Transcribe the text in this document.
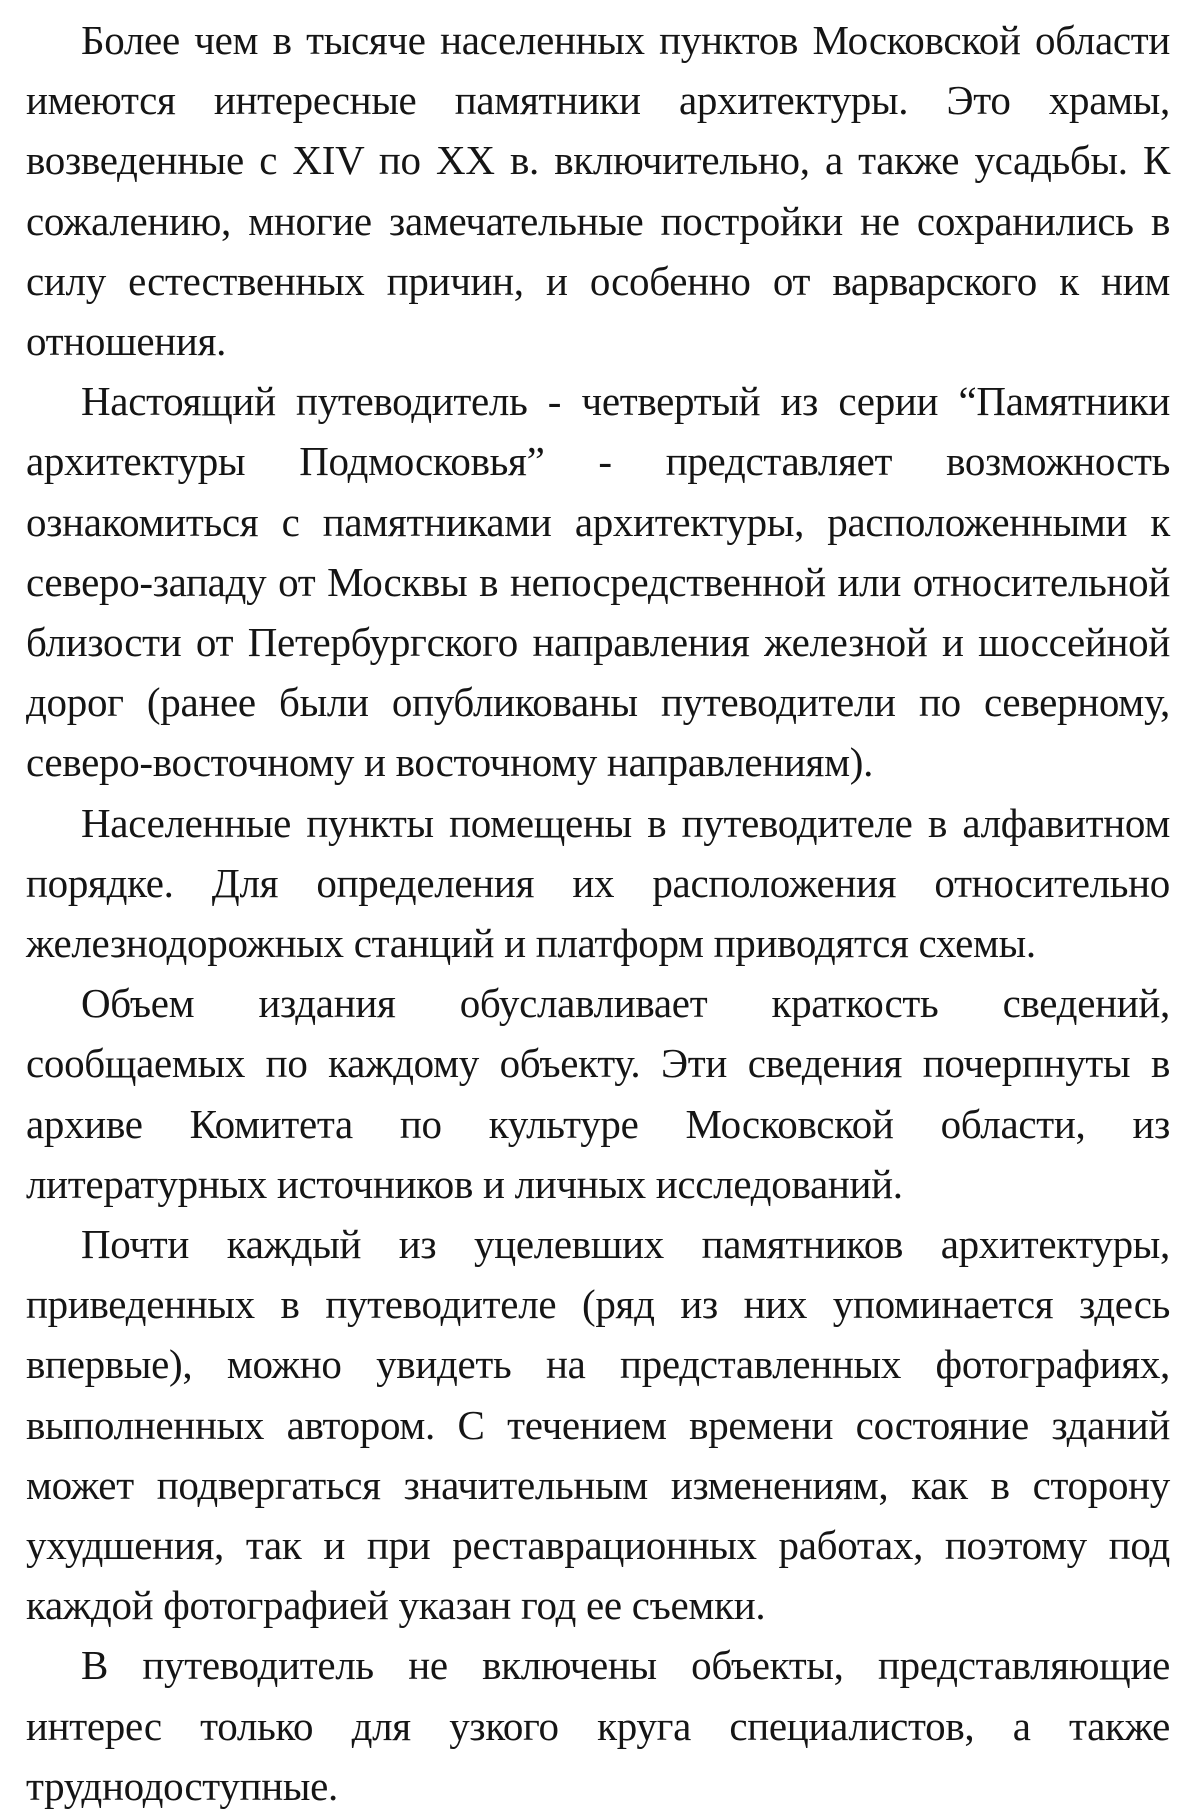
Более чем в тысяче населенных пунктов Московской области имеются интересные памятники архитектуры. Это храмы, возведенные с XIV по XX в. включительно, а также усадьбы. К сожалению, многие замечательные постройки не сохранились в силу естественных причин, и особенно от варварского к ним отношения.

Настоящий путеводитель - четвертый из серии “Памятники архитектуры Подмосковья” - представляет возможность ознакомиться с памятниками архитектуры, расположенными к северо-западу от Москвы в непосредственной или относительной близости от Петербургского направления железной и шоссейной дорог (ранее были опубликованы путеводители по северному, северо-восточному и восточному направлениям).

Населенные пункты помещены в путеводителе в алфавитном порядке. Для определения их расположения относительно железнодорожных станций и платформ приводятся схемы.

Объем издания обуславливает краткость сведений, сообщаемых по каждому объекту. Эти сведения почерпнуты в архиве Комитета по культуре Московской области, из литературных источников и личных исследований.

Почти каждый из уцелевших памятников архитектуры, приведенных в путеводителе (ряд из них упоминается здесь впервые), можно увидеть на представленных фотографиях, выполненных автором. С течением времени состояние зданий может подвергаться значительным изменениям, как в сторону ухудшения, так и при реставрационных работах, поэтому под каждой фотографией указан год ее съемки.

В путеводитель не включены объекты, представляющие интерес только для узкого круга специалистов, а также труднодоступные.
